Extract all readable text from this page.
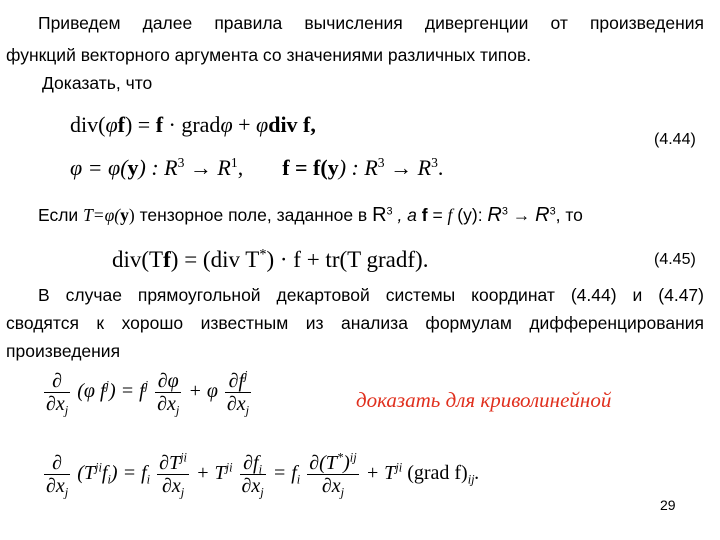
Приведем далее правила вычисления дивергенции от произведения
функций векторного аргумента со значениями различных типов.
Доказать, что
div(φf) = f · gradφ + φdiv f,
(4.44)
φ = φ(y) : $R^3 \to R^1$, f = f(y) : $R^3 \to R^3$.
Если T=φ(y) тензорное поле, заданное в $R^3$ , а f = f (y): $R^3 \to R^3$, то
div(Tf) = (div T*) · f + tr(T gradf).	(4.45)
В случае прямоугольной декартовой системы координат (4.44) и (4.47)
сводятся к хорошо известным из анализа формулам дифференцирования
произведения
$\frac{\partial}{\partial x_j} (\varphi$ $f^j) = f^j \frac{\partial\varphi}{\partial x_j} + \varphi \frac{\partial f^j}{\partial x_j}$	доказать для криволинейной
$\frac{\partial}{\partial x_j} (T^{ji}f_i) = f_i \frac{\partial T^{ji}}{\partial x_j} + T^{ji} \frac{\partial f_i}{\partial x_j} = f_i \frac{\partial(T^*)^{ij}}{\partial x_j} + T^{ji}$ (grad $f)_{ij}$.
29
